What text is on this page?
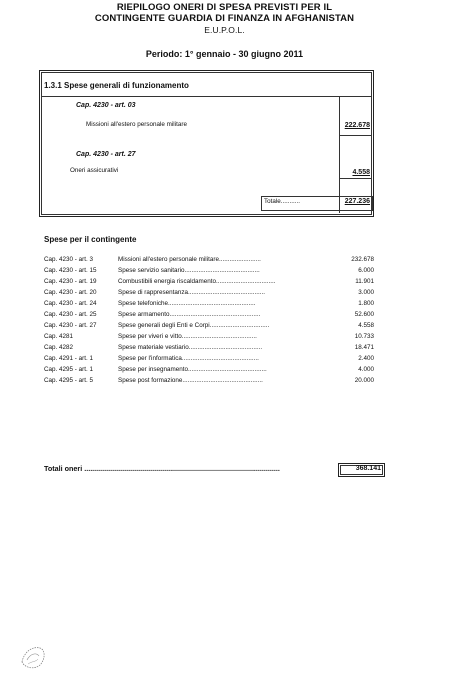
RIEPILOGO ONERI DI SPESA PREVISTI PER IL
CONTINGENTE GUARDIA DI FINANZA IN AFGHANISTAN
E.U.P.O.L.
Periodo: 1° gennaio - 30 giugno 2011
1.3.1 Spese generali di funzionamento
Cap. 4230 - art. 03
Missioni all'estero personale militare	222.678
Cap. 4230 - art. 27
Oneri assicurativi	4.558
Totale...........	227.236
Spese per il contingente
Cap. 4230 - art. 3	Missioni all'estero personale militare........................	232.678
Cap. 4230 - art. 15	Spese servizio sanitario...........................................	6.000
Cap. 4230 - art. 19	Combustibili energia riscaldamento..................................	11.901
Cap. 4230 - art. 20	Spese di rappresentanza............................................	3.000
Cap. 4230 - art. 24	Spese telefoniche..................................................	1.800
Cap. 4230 - art. 25	Spese armamento....................................................	52.600
Cap. 4230 - art. 27	Spese generali degli Enti e Corpi..................................	4.558
Cap. 4281	Spese per viveri e vitto...........................................	10.733
Cap. 4282	Spese materiale vestiario..........................................	18.471
Cap. 4291 - art. 1	Spese per l'informatica............................................	2.400
Cap. 4295 - art. 1	Spese per insegnamento.............................................	4.000
Cap. 4295 - art. 5	Spese post formazione..............................................	20.000
Totali oneri ..................................................................................................	368.141
